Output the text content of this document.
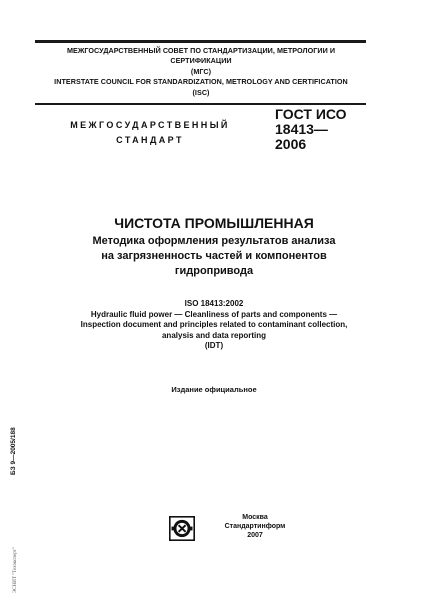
МЕЖГОСУДАРСТВЕННЫЙ СОВЕТ ПО СТАНДАРТИЗАЦИИ, МЕТРОЛОГИИ И СЕРТИФИКАЦИИ
(МГС)
INTERSTATE COUNCIL FOR STANDARDIZATION, METROLOGY AND CERTIFICATION
(ISC)
МЕЖГОСУДАРСТВЕННЫЙ
СТАНДАРТ
ГОСТ ИСО
18413—
2006
ЧИСТОТА ПРОМЫШЛЕННАЯ
Методика оформления результатов анализа
на загрязненность частей и компонентов
гидропривода
ISO 18413:2002
Hydraulic fluid power — Cleanliness of parts and components —
Inspection document and principles related to contaminant collection,
analysis and data reporting
(IDT)
Издание официальное
БЗ 9—2005/188
ЭСНИТ "Техэксперт"
Москва
Стандартинформ
2007
